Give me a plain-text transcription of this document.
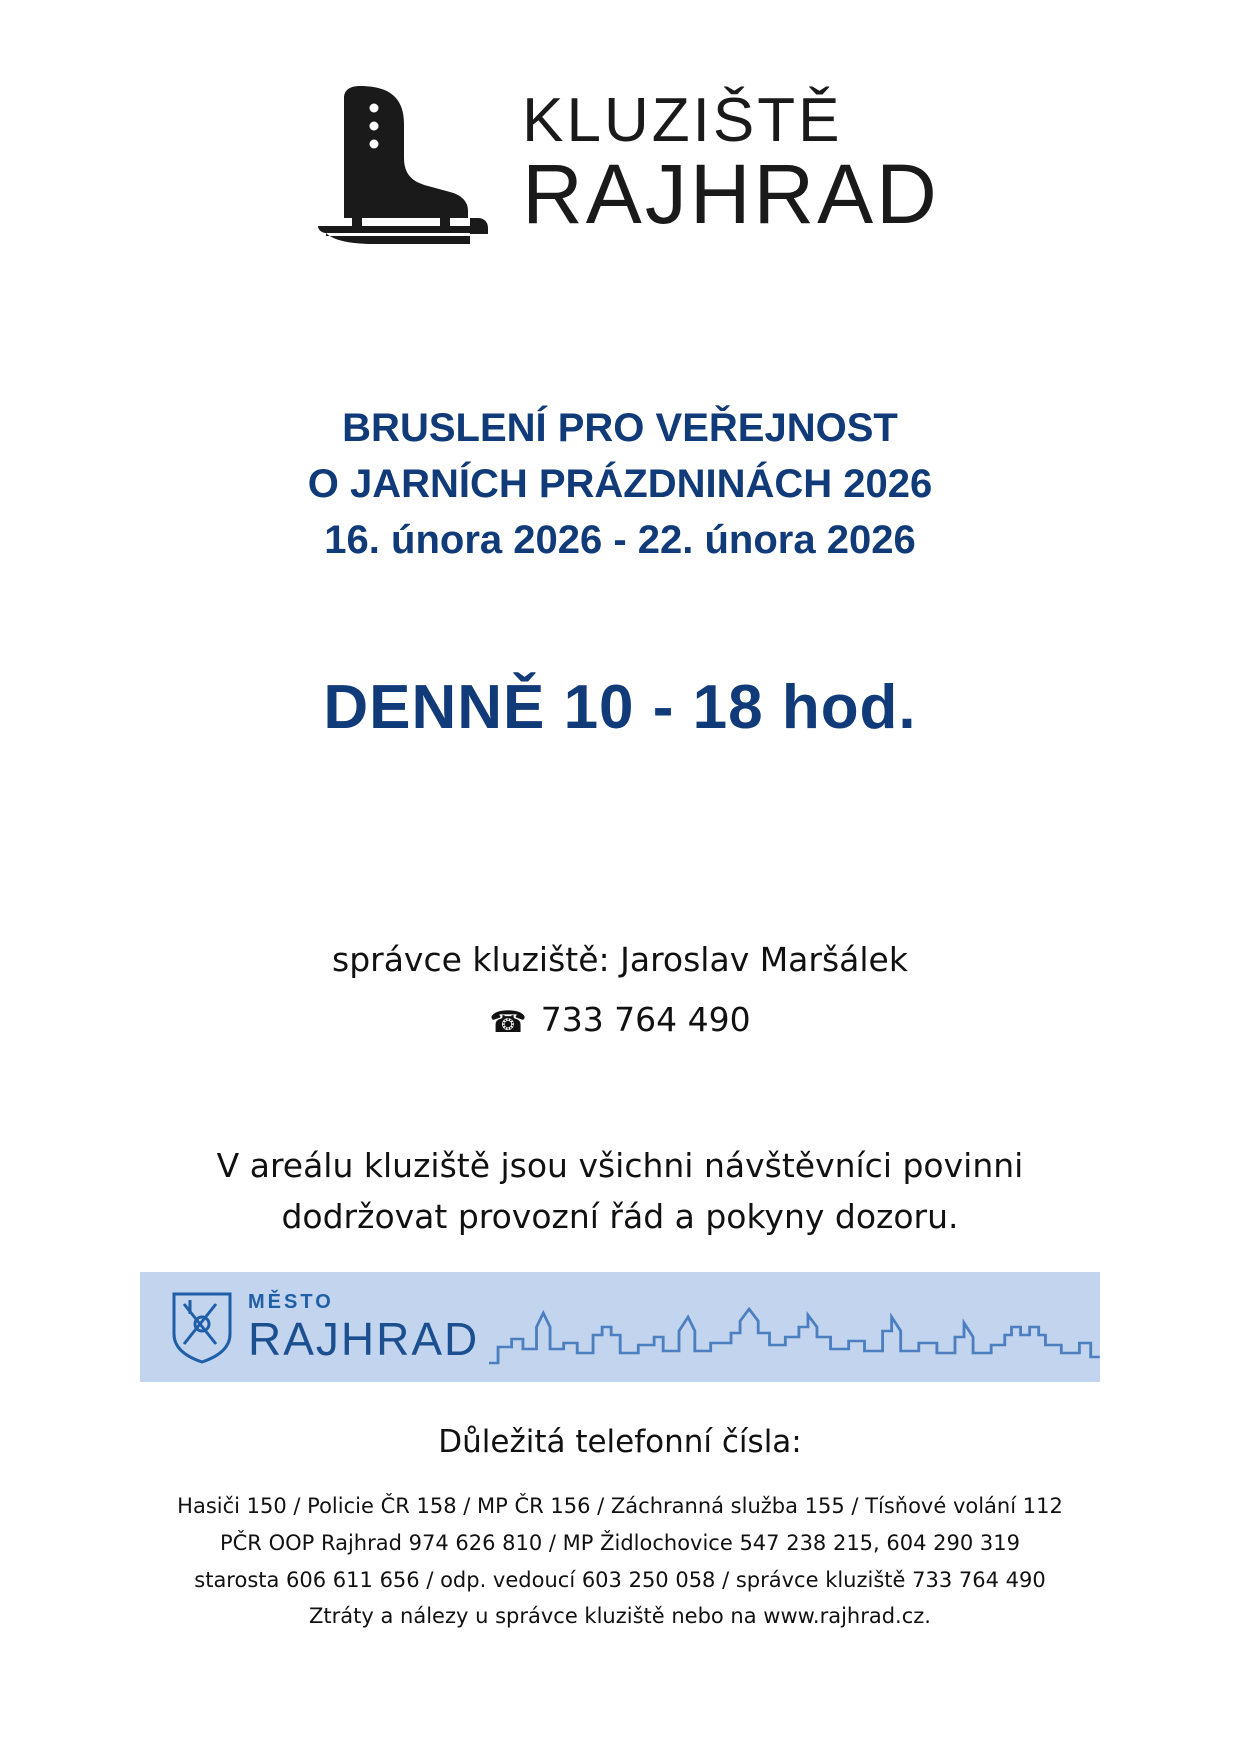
KLUZIŠTĚ
RAJHRAD
BRUSLENÍ PRO VEŘEJNOST
O JARNÍCH PRÁZDNINÁCH 2026
16. února 2026 - 22. února 2026
DENNĚ 10 - 18 hod.
správce kluziště: Jaroslav Maršálek
☎ 733 764 490
V areálu kluziště jsou všichni návštěvníci povinni
dodržovat provozní řád a pokyny dozoru.
MĚSTO
RAJHRAD
Důležitá telefonní čísla:
Hasiči 150 / Policie ČR 158 / MP ČR 156 / Záchranná služba 155 / Tísňové volání 112
PČR OOP Rajhrad 974 626 810 / MP Židlochovice 547 238 215, 604 290 319
starosta 606 611 656 / odp. vedoucí 603 250 058 / správce kluziště 733 764 490
Ztráty a nálezy u správce kluziště nebo na www.rajhrad.cz.
